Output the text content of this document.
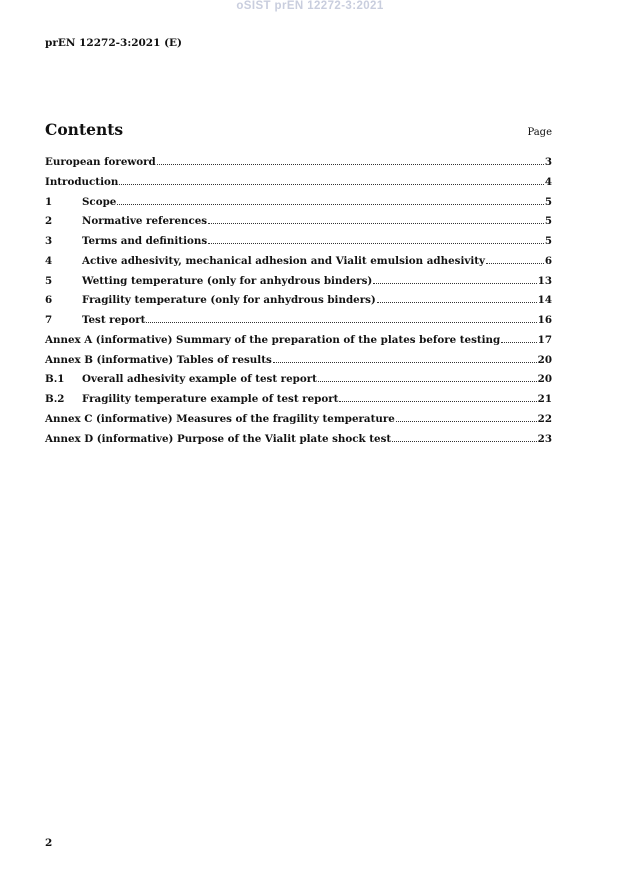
oSIST prEN 12272-3:2021
prEN 12272-3:2021 (E)
Contents	Page
European foreword	3
Introduction	4
1	Scope	5
2	Normative references	5
3	Terms and definitions	5
4	Active adhesivity, mechanical adhesion and Vialit emulsion adhesivity	6
5	Wetting temperature (only for anhydrous binders)	13
6	Fragility temperature (only for anhydrous binders)	14
7	Test report	16
Annex A (informative) Summary of the preparation of the plates before testing	17
Annex B (informative) Tables of results	20
B.1	Overall adhesivity example of test report	20
B.2	Fragility temperature example of test report	21
Annex C (informative) Measures of the fragility temperature	22
Annex D (informative) Purpose of the Vialit plate shock test	23
2
